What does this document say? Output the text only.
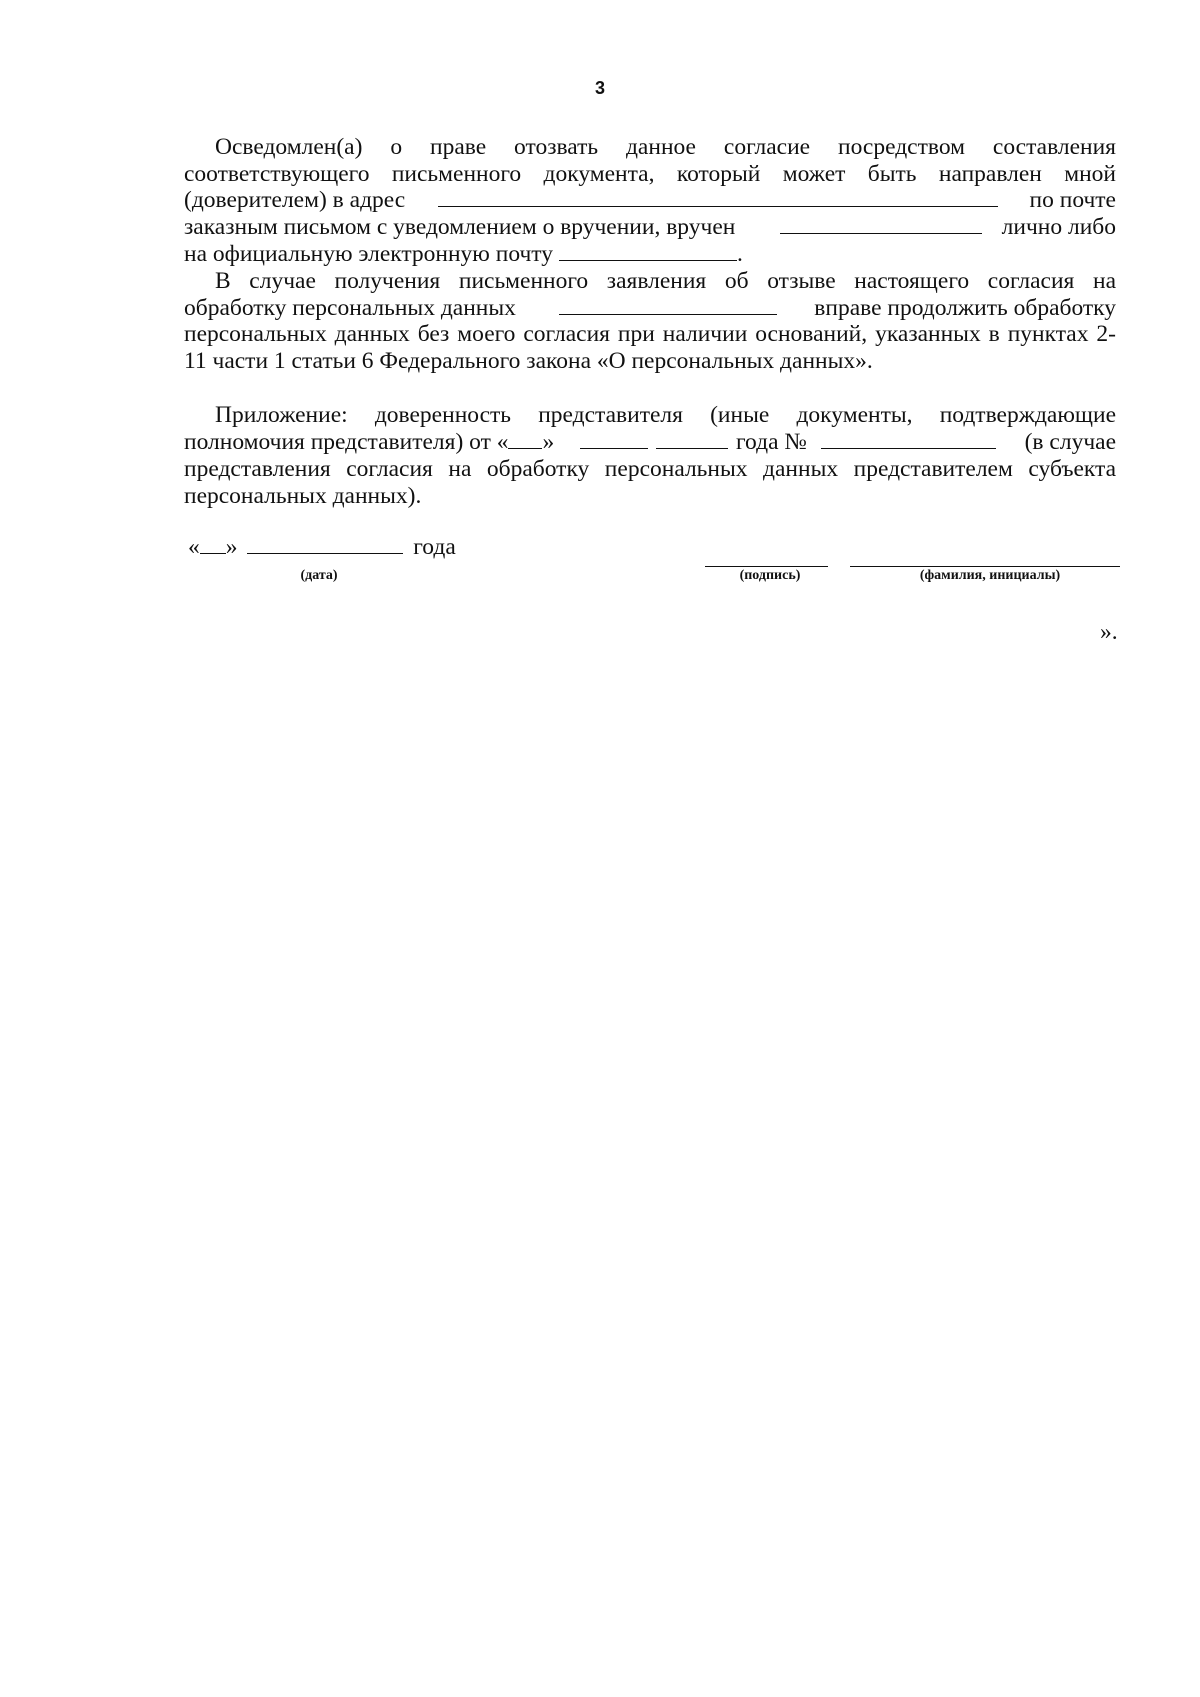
3
Осведомлен(а) о праве отозвать данное согласие посредством составления
соответствующего письменного документа, который может быть направлен мной
(доверителем) в адрес	по почте
заказным письмом с уведомлением о вручении, вручен	лично либо
на официальную электронную почту	.
В случае получения письменного заявления об отзыве настоящего согласия на
обработку персональных данных	вправе продолжить обработку
персональных данных без моего согласия при наличии оснований, указанных в пунктах 2-
11 части 1 статьи 6 Федерального закона «О персональных данных».
Приложение: доверенность представителя (иные документы, подтверждающие
полномочия представителя) от « »	года №	(в случае
представления согласия на обработку персональных данных представителем субъекта
персональных данных).
« »	года
(дата)	(подпись)	(фамилия, инициалы)
».
